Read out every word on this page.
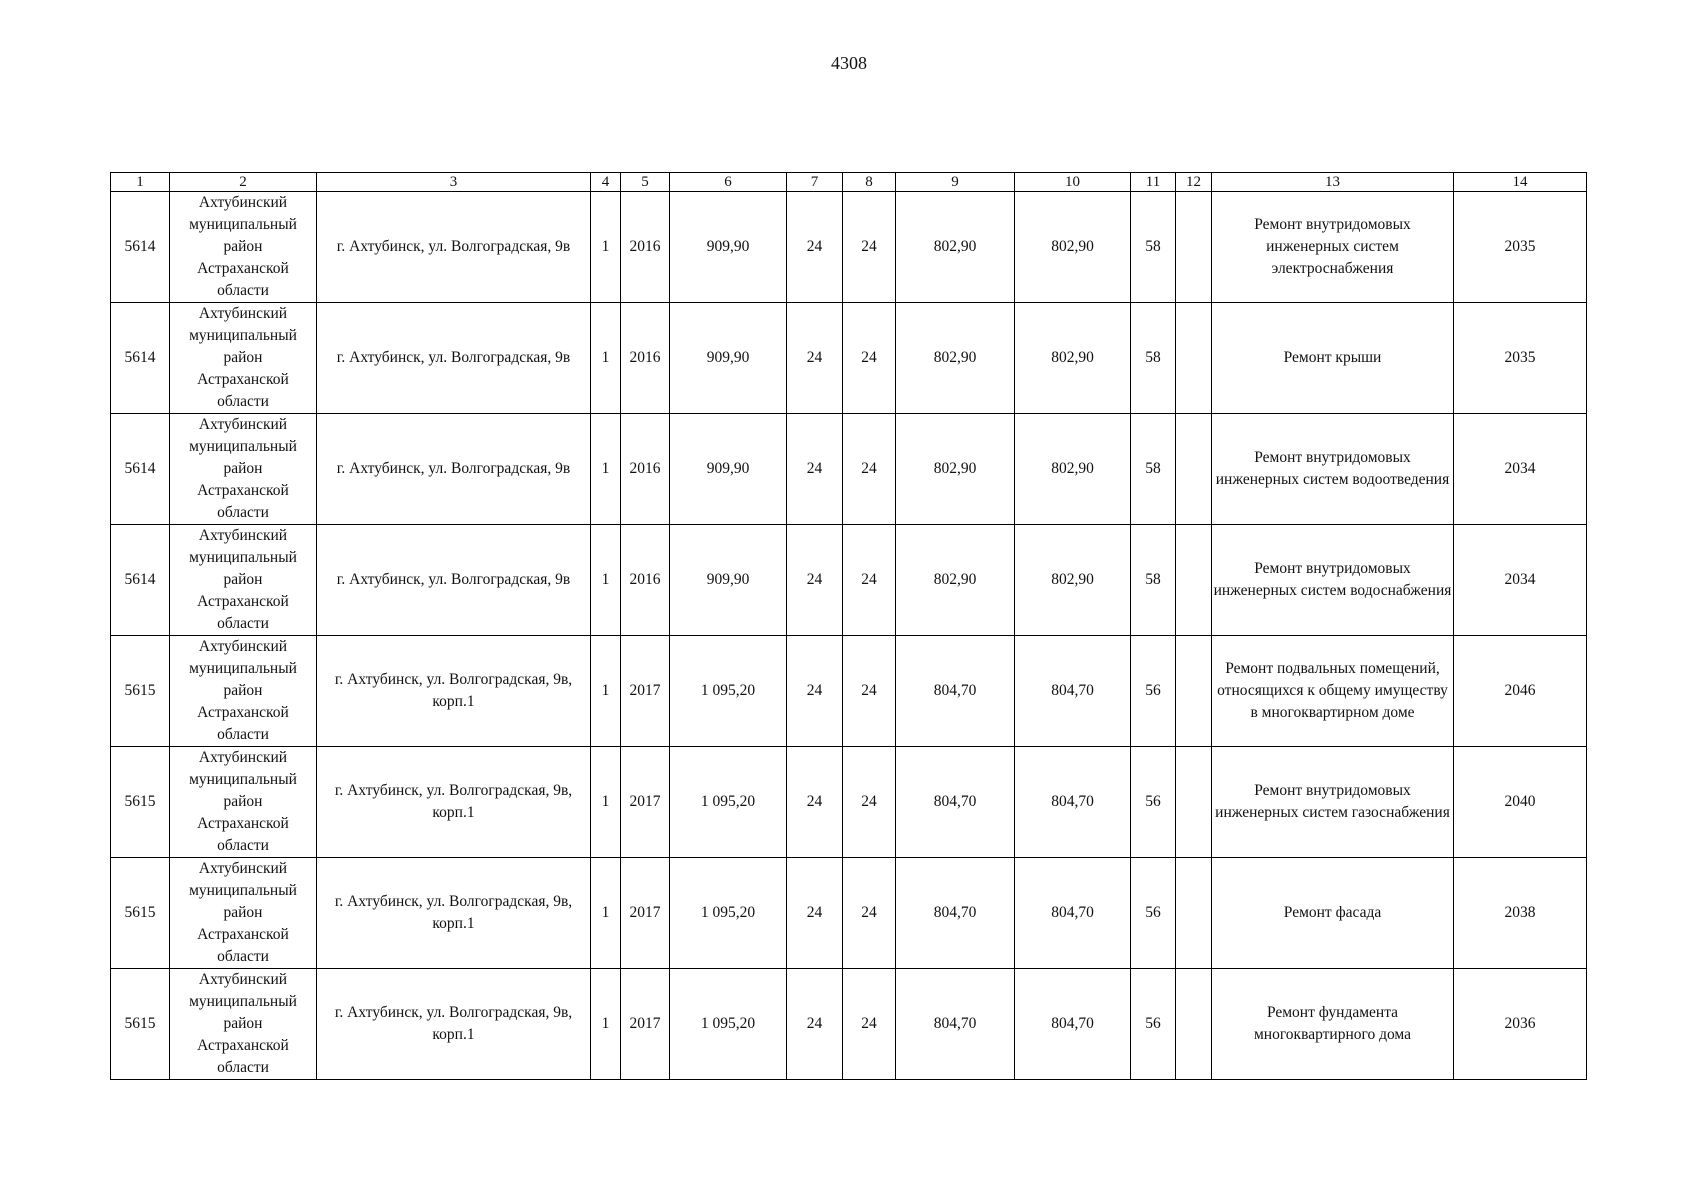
4308
1	2	3	4	5	6	7	8	9	10	11	12	13	14
5614	Ахтубинский
муниципальный
район
Астраханской
области	г. Ахтубинск, ул. Волгоградская, 9в	1	2016	909,90	24	24	802,90	802,90	58		Ремонт внутридомовых инженерных систем электроснабжения	2035
5614	Ахтубинский
муниципальный
район
Астраханской
области	г. Ахтубинск, ул. Волгоградская, 9в	1	2016	909,90	24	24	802,90	802,90	58		Ремонт крыши	2035
5614	Ахтубинский
муниципальный
район
Астраханской
области	г. Ахтубинск, ул. Волгоградская, 9в	1	2016	909,90	24	24	802,90	802,90	58		Ремонт внутридомовых инженерных систем водоотведения	2034
5614	Ахтубинский
муниципальный
район
Астраханской
области	г. Ахтубинск, ул. Волгоградская, 9в	1	2016	909,90	24	24	802,90	802,90	58		Ремонт внутридомовых инженерных систем водоснабжения	2034
5615	Ахтубинский
муниципальный
район
Астраханской
области	г. Ахтубинск, ул. Волгоградская, 9в, корп.1	1	2017	1 095,20	24	24	804,70	804,70	56		Ремонт подвальных помещений, относящихся к общему имуществу в многоквартирном доме	2046
5615	Ахтубинский
муниципальный
район
Астраханской
области	г. Ахтубинск, ул. Волгоградская, 9в, корп.1	1	2017	1 095,20	24	24	804,70	804,70	56		Ремонт внутридомовых инженерных систем газоснабжения	2040
5615	Ахтубинский
муниципальный
район
Астраханской
области	г. Ахтубинск, ул. Волгоградская, 9в, корп.1	1	2017	1 095,20	24	24	804,70	804,70	56		Ремонт фасада	2038
5615	Ахтубинский
муниципальный
район
Астраханской
области	г. Ахтубинск, ул. Волгоградская, 9в, корп.1	1	2017	1 095,20	24	24	804,70	804,70	56		Ремонт фундамента многоквартирного дома	2036
